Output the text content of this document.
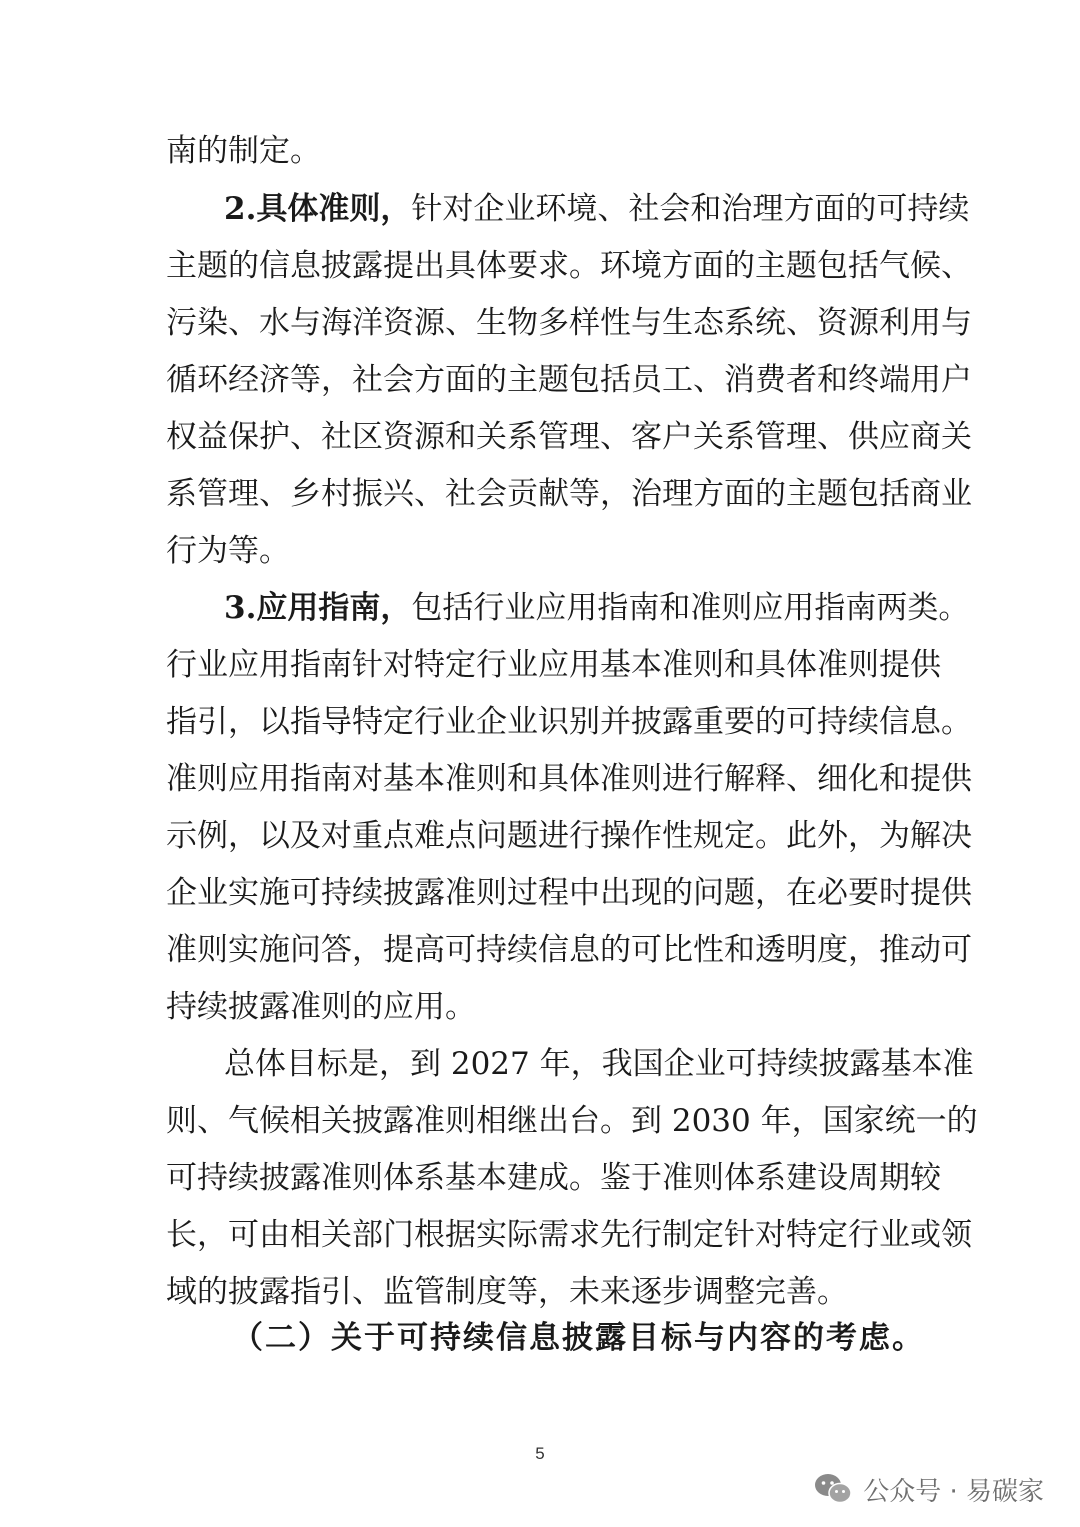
南的制定。
2.具体准则，针对企业环境、社会和治理方面的可持续
主题的信息披露提出具体要求。环境方面的主题包括气候、
污染、水与海洋资源、生物多样性与生态系统、资源利用与
循环经济等，社会方面的主题包括员工、消费者和终端用户
权益保护、社区资源和关系管理、客户关系管理、供应商关
系管理、乡村振兴、社会贡献等，治理方面的主题包括商业
行为等。
3.应用指南，包括行业应用指南和准则应用指南两类。
行业应用指南针对特定行业应用基本准则和具体准则提供
指引，以指导特定行业企业识别并披露重要的可持续信息。
准则应用指南对基本准则和具体准则进行解释、细化和提供
示例，以及对重点难点问题进行操作性规定。此外，为解决
企业实施可持续披露准则过程中出现的问题，在必要时提供
准则实施问答，提高可持续信息的可比性和透明度，推动可
持续披露准则的应用。
总体目标是，到 2027 年，我国企业可持续披露基本准
则、气候相关披露准则相继出台。到 2030 年，国家统一的
可持续披露准则体系基本建成。鉴于准则体系建设周期较
长，可由相关部门根据实际需求先行制定针对特定行业或领
域的披露指引、监管制度等，未来逐步调整完善。
（二）关于可持续信息披露目标与内容的考虑。
5
公众号 · 易碳家
